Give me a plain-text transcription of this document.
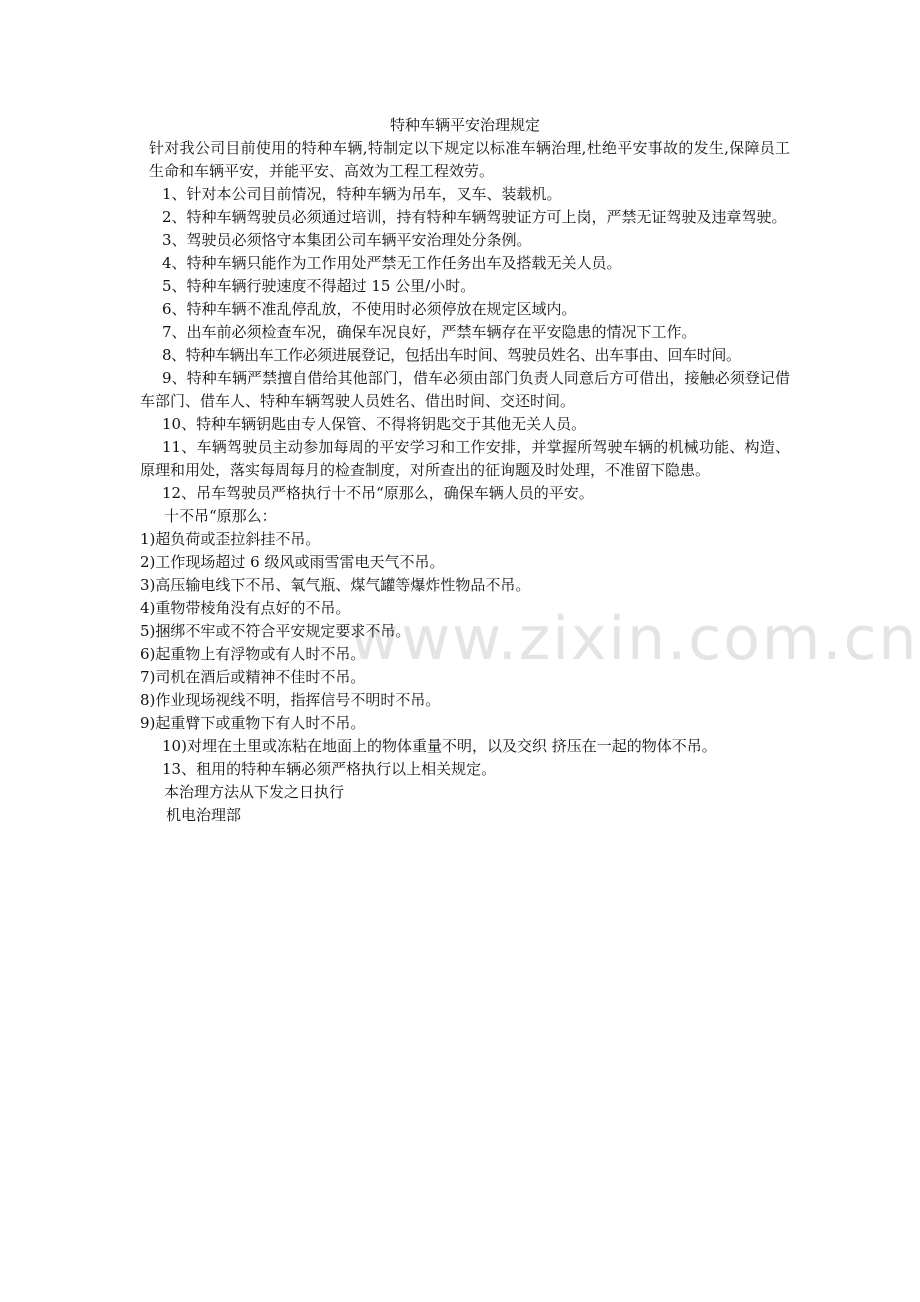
www.zixin.com.cn

特种车辆平安治理规定

针对我公司目前使用的特种车辆,特制定以下规定以标准车辆治理,杜绝平安事故的发生,保障员工生命和车辆平安，并能平安、高效为工程工程效劳。

1、针对本公司目前情况，特种车辆为吊车，叉车、装载机。

2、特种车辆驾驶员必须通过培训，持有特种车辆驾驶证方可上岗，严禁无证驾驶及违章驾驶。

3、驾驶员必须恪守本集团公司车辆平安治理处分条例。

4、特种车辆只能作为工作用处严禁无工作任务出车及搭载无关人员。

5、特种车辆行驶速度不得超过 15 公里/小时。

6、特种车辆不准乱停乱放，不使用时必须停放在规定区域内。

7、出车前必须检查车况，确保车况良好，严禁车辆存在平安隐患的情况下工作。

8、特种车辆出车工作必须进展登记，包括出车时间、驾驶员姓名、出车事由、回车时间。

9、特种车辆严禁擅自借给其他部门，借车必须由部门负责人同意后方可借出，接触必须登记借车部门、借车人、特种车辆驾驶人员姓名、借出时间、交还时间。

10、特种车辆钥匙由专人保管、不得将钥匙交于其他无关人员。

11、车辆驾驶员主动参加每周的平安学习和工作安排，并掌握所驾驶车辆的机械功能、构造、原理和用处，落实每周每月的检查制度，对所查出的征询题及时处理，不准留下隐患。

12、吊车驾驶员严格执行十不吊“原那么，确保车辆人员的平安。

十不吊“原那么：

1)超负荷或歪拉斜挂不吊。

2)工作现场超过 6 级风或雨雪雷电天气不吊。

3)高压输电线下不吊、氧气瓶、煤气罐等爆炸性物品不吊。

4)重物带棱角没有点好的不吊。

5)捆绑不牢或不符合平安规定要求不吊。

6)起重物上有浮物或有人时不吊。

7)司机在酒后或精神不佳时不吊。

8)作业现场视线不明，指挥信号不明时不吊。

9)起重臂下或重物下有人时不吊。

10)对埋在土里或冻粘在地面上的物体重量不明，以及交织 挤压在一起的物体不吊。

13、租用的特种车辆必须严格执行以上相关规定。

本治理方法从下发之日执行

机电治理部
